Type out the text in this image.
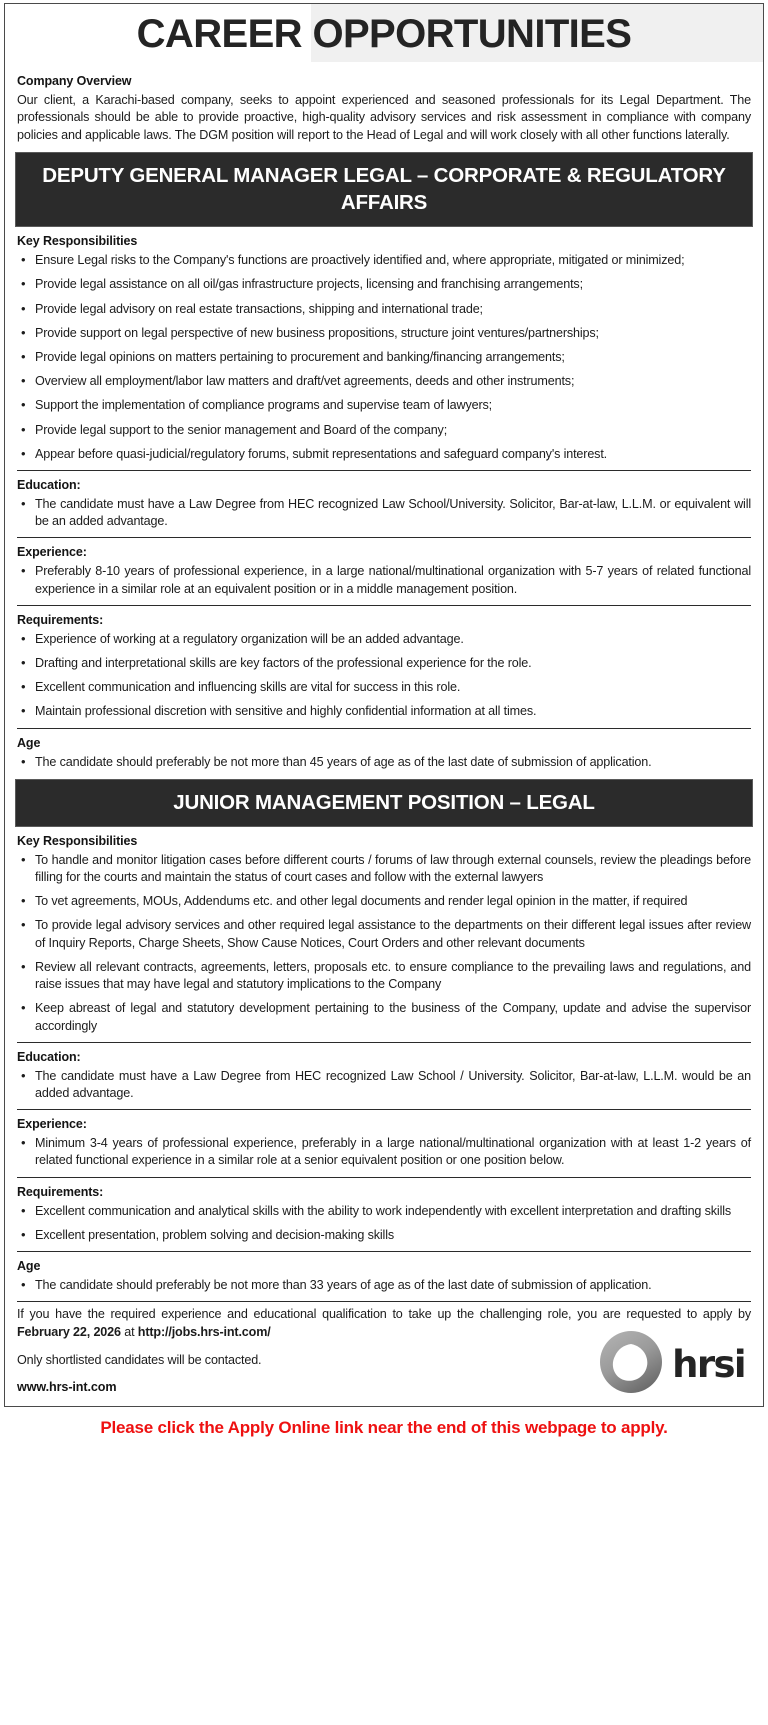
CAREER OPPORTUNITIES
Company Overview

Our client, a Karachi-based company, seeks to appoint experienced and seasoned professionals for its Legal Department. The professionals should be able to provide proactive, high-quality advisory services and risk assessment in compliance with company policies and applicable laws. The DGM position will report to the Head of Legal and will work closely with all other functions laterally.

DEPUTY GENERAL MANAGER LEGAL – CORPORATE & REGULATORY AFFAIRS
Key Responsibilities
• Ensure Legal risks to the Company's functions are proactively identified and, where appropriate, mitigated or minimized;
• Provide legal assistance on all oil/gas infrastructure projects, licensing and franchising arrangements;
• Provide legal advisory on real estate transactions, shipping and international trade;
• Provide support on legal perspective of new business propositions, structure joint ventures/partnerships;
• Provide legal opinions on matters pertaining to procurement and banking/financing arrangements;
• Overview all employment/labor law matters and draft/vet agreements, deeds and other instruments;
• Support the implementation of compliance programs and supervise team of lawyers;
• Provide legal support to the senior management and Board of the company;
• Appear before quasi-judicial/regulatory forums, submit representations and safeguard company's interest.
Education:
• The candidate must have a Law Degree from HEC recognized Law School/University. Solicitor, Bar-at-law, L.L.M. or equivalent will be an added advantage.
Experience:
• Preferably 8-10 years of professional experience, in a large national/multinational organization with 5-7 years of related functional experience in a similar role at an equivalent position or in a middle management position.
Requirements:
• Experience of working at a regulatory organization will be an added advantage.
• Drafting and interpretational skills are key factors of the professional experience for the role.
• Excellent communication and influencing skills are vital for success in this role.
• Maintain professional discretion with sensitive and highly confidential information at all times.
Age
• The candidate should preferably be not more than 45 years of age as of the last date of submission of application.
JUNIOR MANAGEMENT POSITION – LEGAL
Key Responsibilities
• To handle and monitor litigation cases before different courts / forums of law through external counsels, review the pleadings before filling for the courts and maintain the status of court cases and follow with the external lawyers
• To vet agreements, MOUs, Addendums etc. and other legal documents and render legal opinion in the matter, if required
• To provide legal advisory services and other required legal assistance to the departments on their different legal issues after review of Inquiry Reports, Charge Sheets, Show Cause Notices, Court Orders and other relevant documents
• Review all relevant contracts, agreements, letters, proposals etc. to ensure compliance to the prevailing laws and regulations, and raise issues that may have legal and statutory implications to the Company
• Keep abreast of legal and statutory development pertaining to the business of the Company, update and advise the supervisor accordingly
Education:
• The candidate must have a Law Degree from HEC recognized Law School / University. Solicitor, Bar-at-law, L.L.M. would be an added advantage.
Experience:
• Minimum 3-4 years of professional experience, preferably in a large national/multinational organization with at least 1-2 years of related functional experience in a similar role at a senior equivalent position or one position below.
Requirements:
• Excellent communication and analytical skills with the ability to work independently with excellent interpretation and drafting skills
• Excellent presentation, problem solving and decision-making skills
Age
• The candidate should preferably be not more than 33 years of age as of the last date of submission of application.

If you have the required experience and educational qualification to take up the challenging role, you are requested to apply by February 22, 2026 at http://jobs.hrs-int.com/

Only shortlisted candidates will be contacted.

www.hrs-int.com
hrsi
Please click the Apply Online link near the end of this webpage to apply.
